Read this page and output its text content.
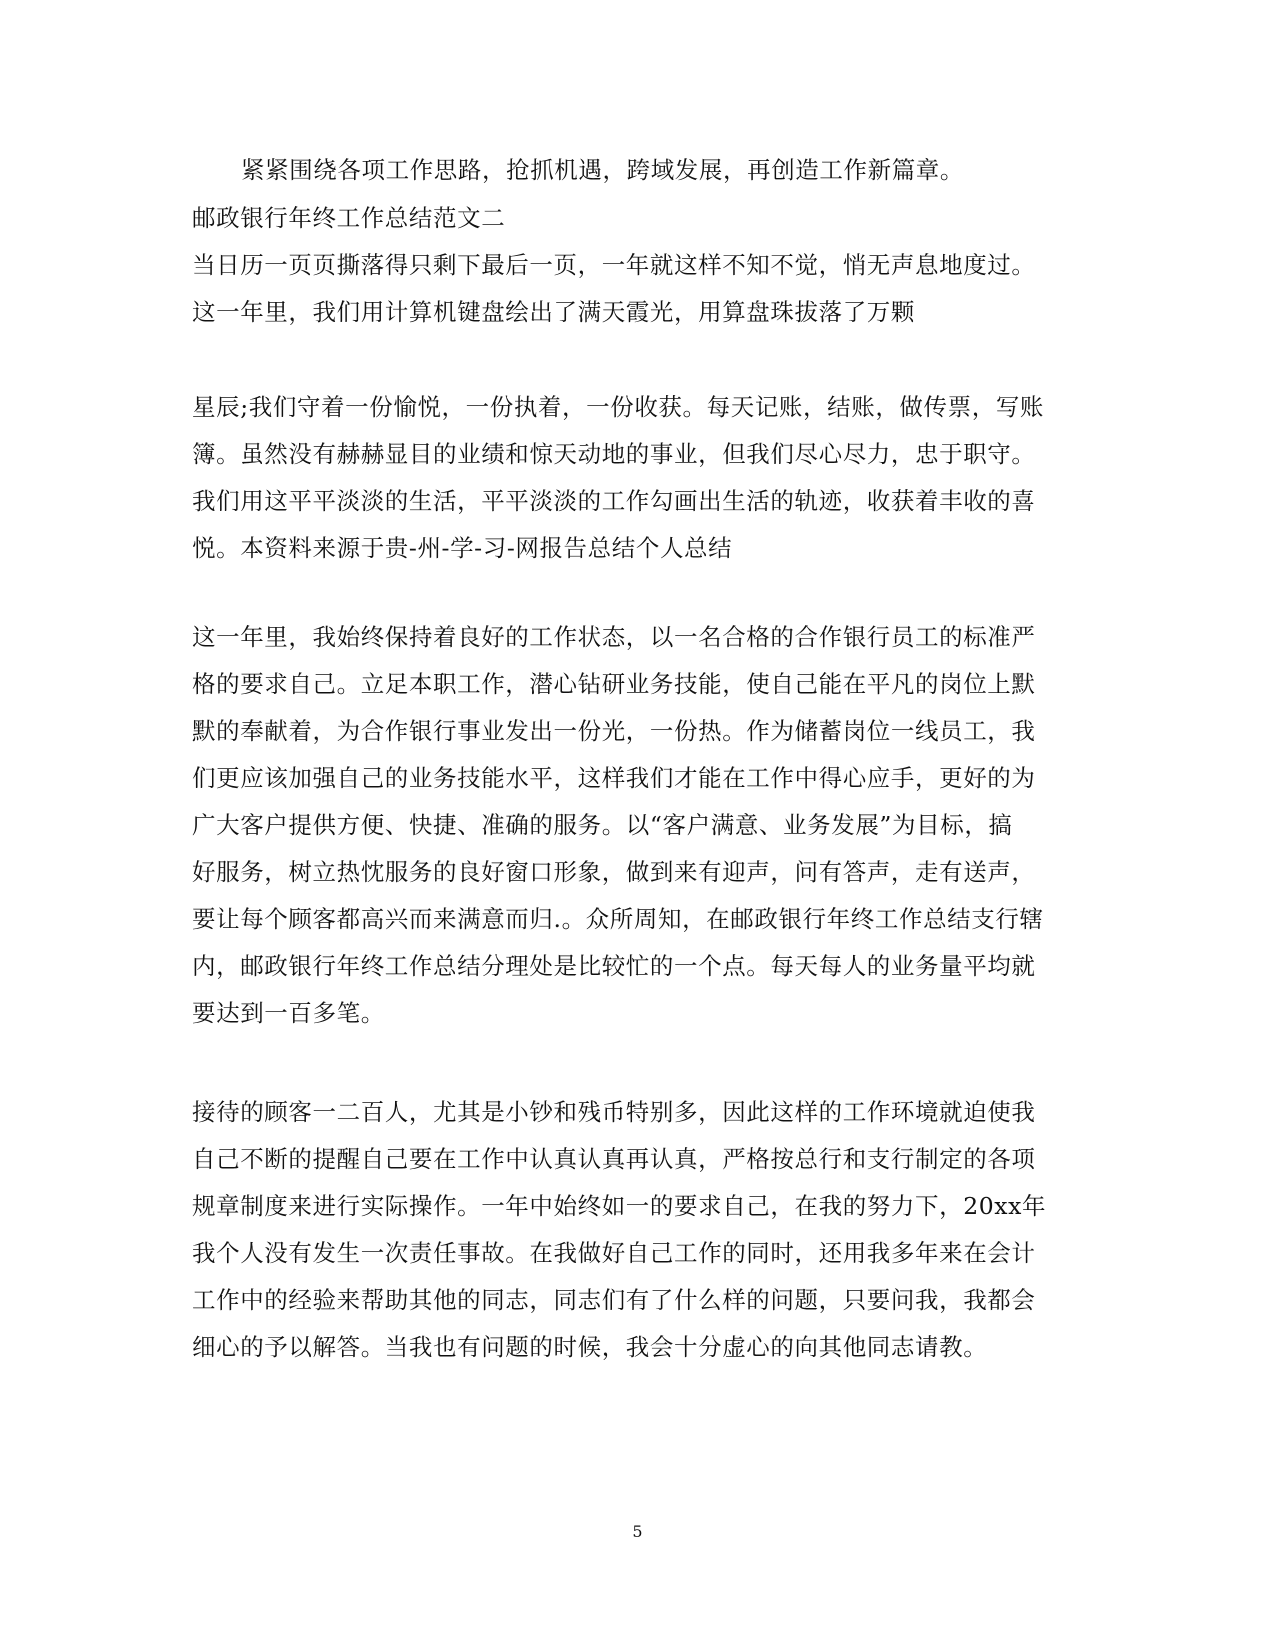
紧紧围绕各项工作思路，抢抓机遇，跨域发展，再创造工作新篇章。
邮政银行年终工作总结范文二
当日历一页页撕落得只剩下最后一页，一年就这样不知不觉，悄无声息地度过。
这一年里，我们用计算机键盘绘出了满天霞光，用算盘珠拔落了万颗
星辰;我们守着一份愉悦，一份执着，一份收获。每天记账，结账，做传票，写账
簿。虽然没有赫赫显目的业绩和惊天动地的事业，但我们尽心尽力，忠于职守。
我们用这平平淡淡的生活，平平淡淡的工作勾画出生活的轨迹，收获着丰收的喜
悦。本资料来源于贵-州-学-习-网报告总结个人总结
这一年里，我始终保持着良好的工作状态，以一名合格的合作银行员工的标准严
格的要求自己。立足本职工作，潜心钻研业务技能，使自己能在平凡的岗位上默
默的奉献着，为合作银行事业发出一份光，一份热。作为储蓄岗位一线员工，我
们更应该加强自己的业务技能水平，这样我们才能在工作中得心应手，更好的为
广大客户提供方便、快捷、准确的服务。以“客户满意、业务发展”为目标，搞
好服务，树立热忱服务的良好窗口形象，做到来有迎声，问有答声，走有送声，
要让每个顾客都高兴而来满意而归.。众所周知，在邮政银行年终工作总结支行辖
内，邮政银行年终工作总结分理处是比较忙的一个点。每天每人的业务量平均就
要达到一百多笔。
接待的顾客一二百人，尤其是小钞和残币特别多，因此这样的工作环境就迫使我
自己不断的提醒自己要在工作中认真认真再认真，严格按总行和支行制定的各项
规章制度来进行实际操作。一年中始终如一的要求自己，在我的努力下，20xx年
我个人没有发生一次责任事故。在我做好自己工作的同时，还用我多年来在会计
工作中的经验来帮助其他的同志，同志们有了什么样的问题，只要问我，我都会
细心的予以解答。当我也有问题的时候，我会十分虚心的向其他同志请教。
5
